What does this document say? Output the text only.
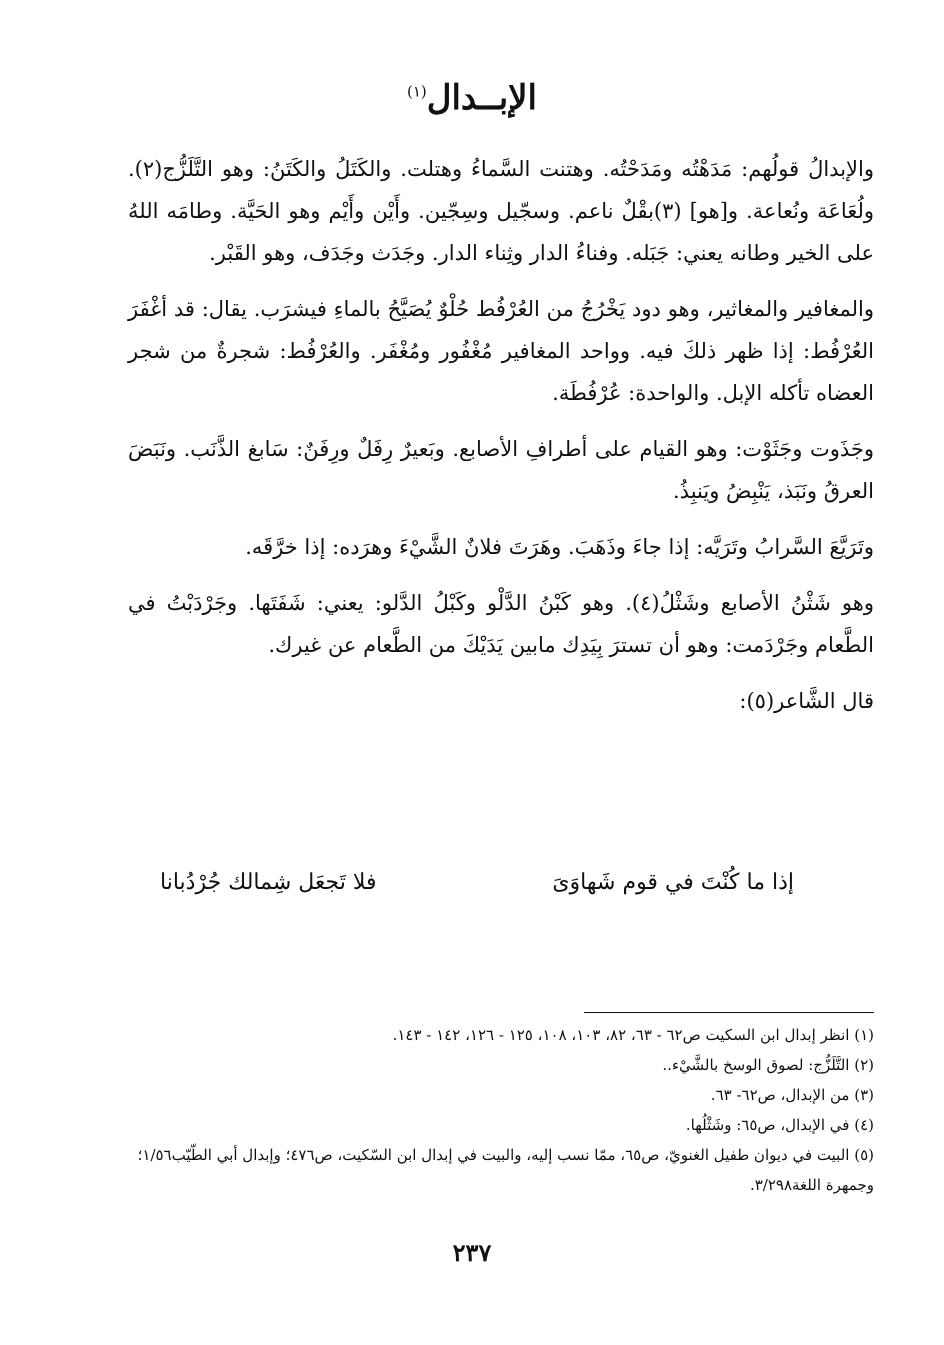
الإبــدال$^{(١)}$

والإبدالُ قولُهم: مَدَهْتُه ومَدَحْتُه. وهتنت السَّماءُ وهتلت. والكَتَلُ والكَتَنُ: وهو التَّلَزُّج(٢). ولُعَاعَة ونُعاعة. و[هو] (٣)بقْلٌ ناعم. وسجّيل وسِجّين. وأَيْن وأَيْم وهو الحَيَّة. وطامَه اللهُ على الخير وطانه يعني: جَبَله. وفناءُ الدار وثِناء الدار. وجَدَث وجَدَف، وهو القَبْر.

والمغافير والمغاثير، وهو دود يَخْرُجُ من العُرْفُط حُلْوٌ يُصَيَّحُ بالماءِ فيشرَب. يقال: قد أغْفَرَ العُرْفُط: إذا ظهر ذلكَ فيه. وواحد المغافير مُغْفُور ومُغْفَر. والعُرْفُط: شجرةٌ من شجر العضاه تأكله الإبل. والواحدة: عُرْفُطَة.

وجَذَوت وجَثَوْت: وهو القيام على أطرافِ الأصابع. وبَعيرٌ رِفَلٌ ورِفَنٌ: سَابغ الذَّنَب. ونَبَضَ العرقُ ونَبَذ، يَنْبِضُ ويَنبِذُ.

وتَرَيَّعَ السَّرابُ وتَرَيَّه: إذا جاءَ وذَهَبَ. وهَرَتَ فلانٌ الشَّيْءَ وهرَده: إذا خرَّقَه.

وهو شَثْنُ الأصابع وشَثْلُ(٤). وهو كَبْنُ الدَّلْو وكَبْلُ الدَّلو: يعني: شَفَتَها. وجَرْدَبْتُ في الطَّعام وجَرْدَمت: وهو أن تسترَ بِيَدِك مابين يَدَيْكَ من الطَّعام عن غيرك.

قال الشَّاعر(٥):

إذا ما كُنْتَ في قوم شَهاوَىَ
فلا تَجعَل شِمالك جُرْدُبانا
(١) انظر إبدال ابن السكيت ص٦٢ - ٦٣، ٨٢، ١٠٣، ١٠٨، ١٢٥ - ١٢٦، ١٤٢ - ١٤٣.
(٢) التَّلَزُّج: لصوق الوسخ بالشَّيْء..
(٣) من الإبدال، ص٦٢- ٦٣.
(٤) في الإبدال، ص٦٥: وشَثْلُها.
(٥) البيت في ديوان طفيل الغنويّ، ص٦٥، ممّا نسب إليه، والبيت في إبدال ابن السّكيت، ص٤٧٦؛ وإبدال أبي الطّيّب١/٥٦؛ وجمهرة اللغة٣/٢٩٨.
٢٣٧
